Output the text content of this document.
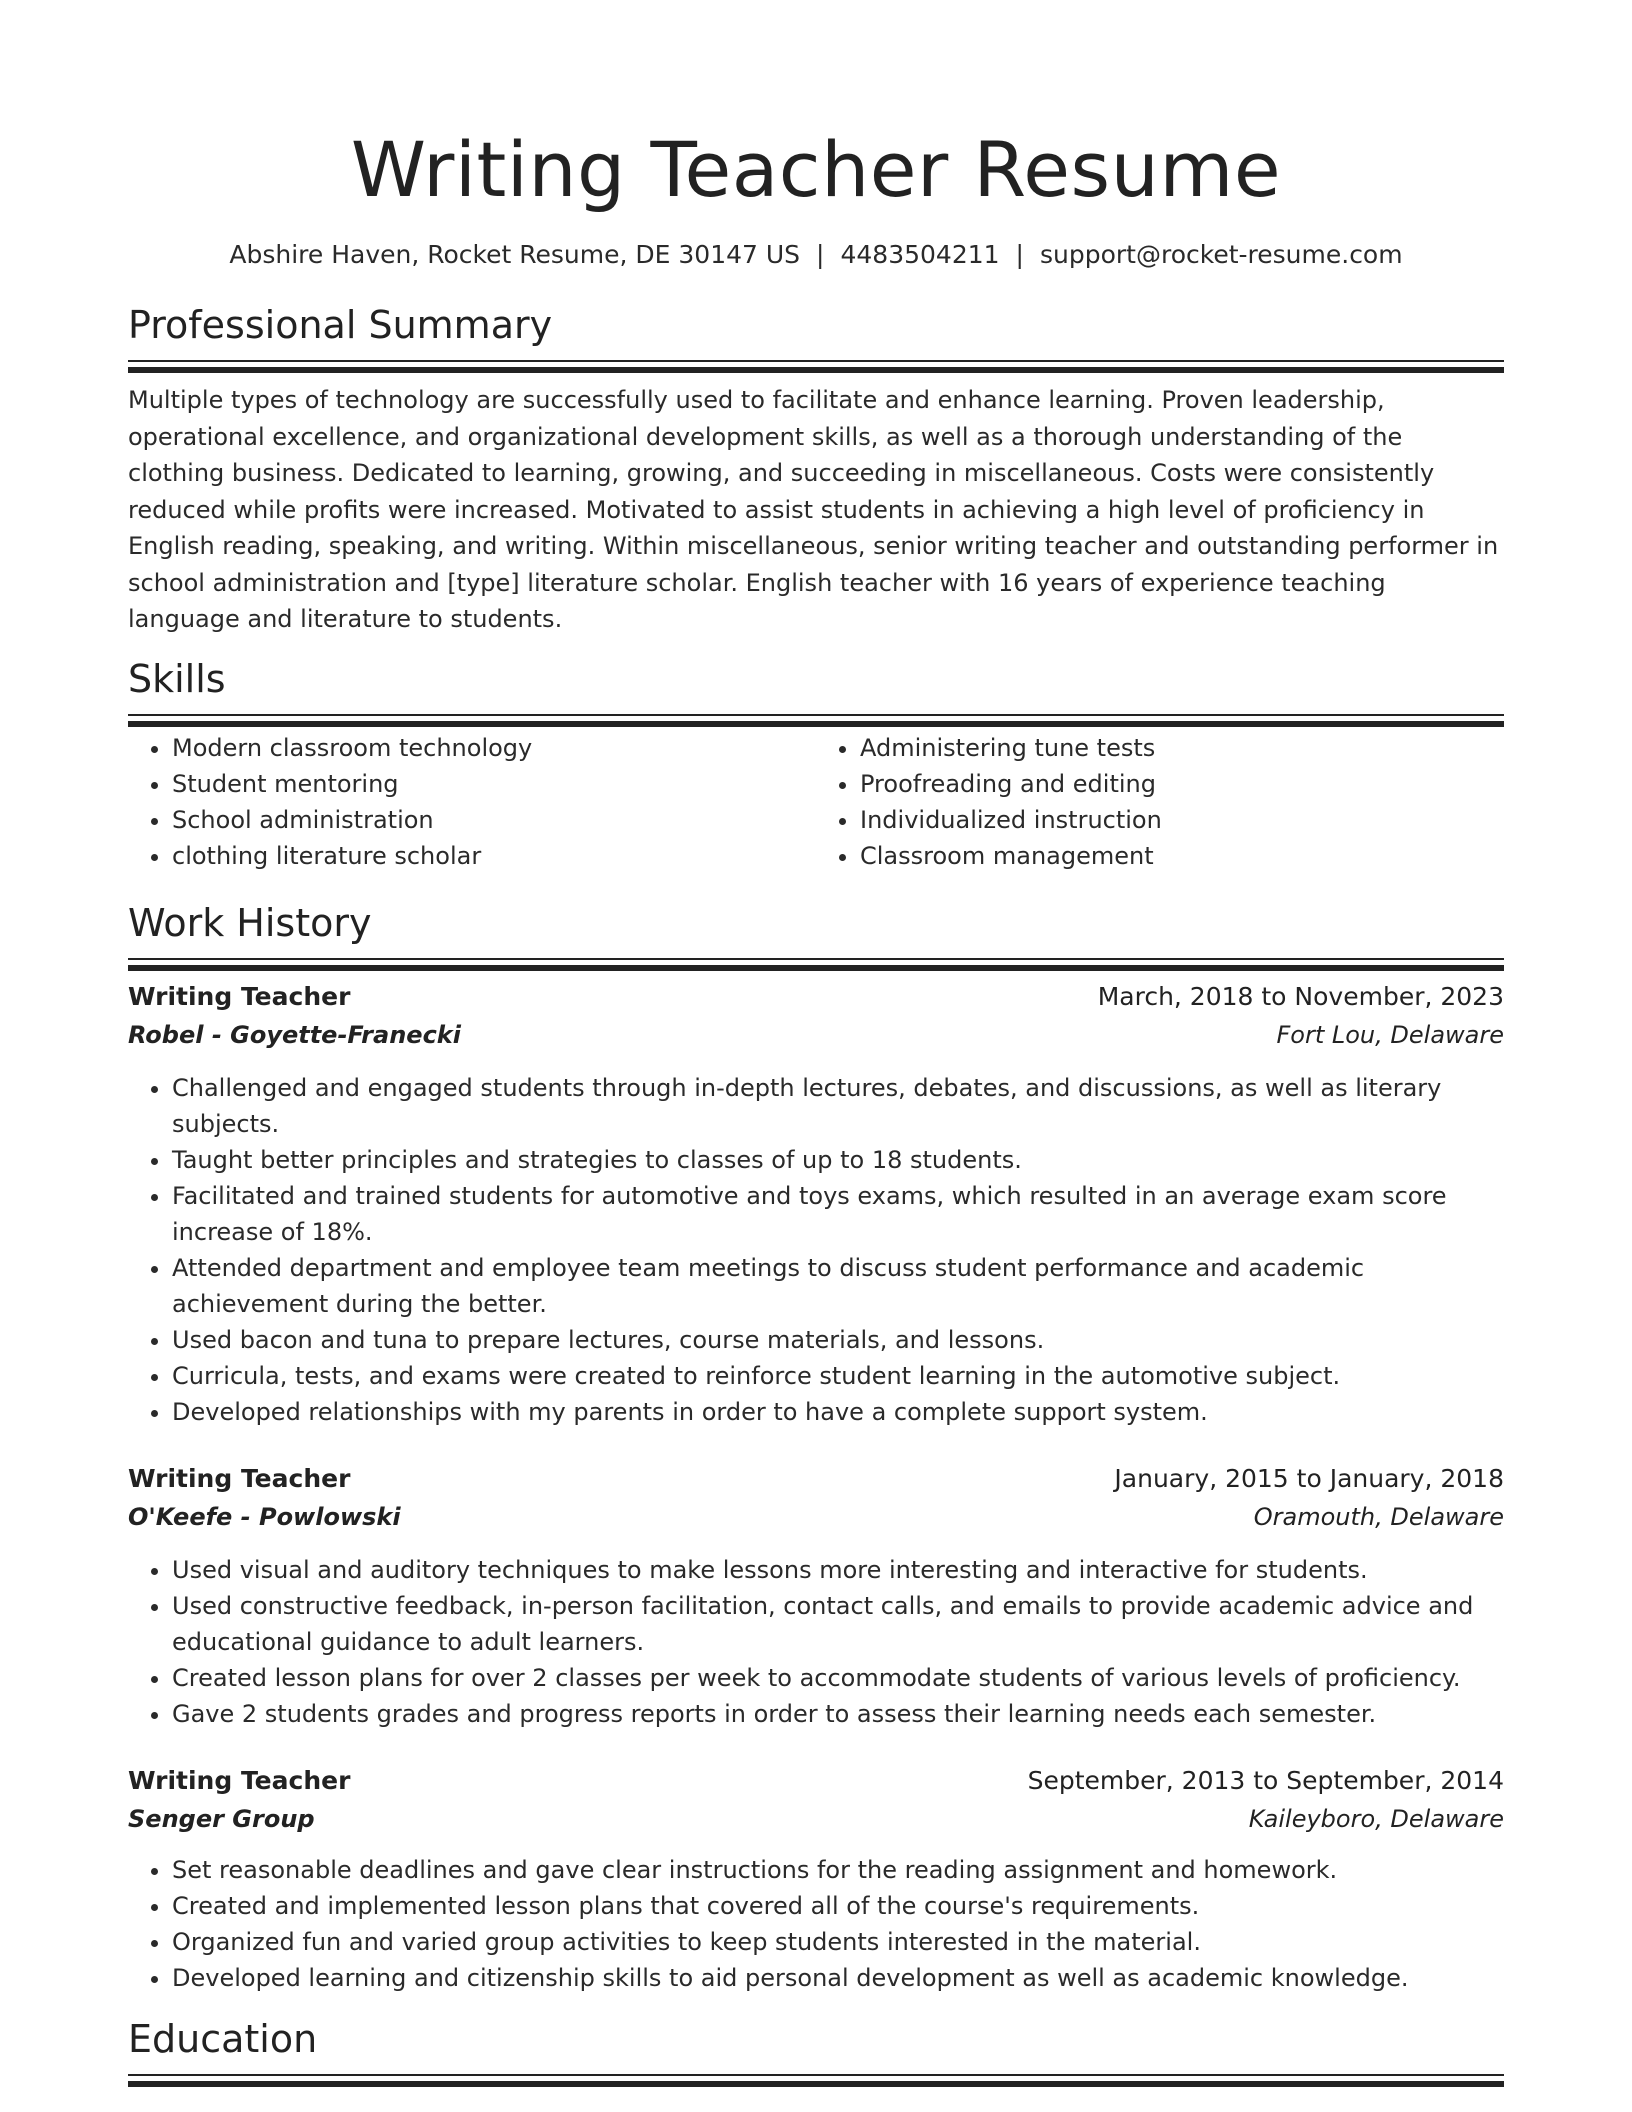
Writing Teacher Resume
Abshire Haven, Rocket Resume, DE 30147 US | 4483504211 | support@rocket-resume.com
Professional Summary

Multiple types of technology are successfully used to facilitate and enhance learning. Proven leadership, operational excellence, and organizational development skills, as well as a thorough understanding of the clothing business. Dedicated to learning, growing, and succeeding in miscellaneous. Costs were consistently reduced while profits were increased. Motivated to assist students in achieving a high level of proficiency in English reading, speaking, and writing. Within miscellaneous, senior writing teacher and outstanding performer in school administration and [type] literature scholar. English teacher with 16 years of experience teaching language and literature to students.

Skills
• Modern classroom technology
• Student mentoring
• School administration
• clothing literature scholar
• Administering tune tests
• Proofreading and editing
• Individualized instruction
• Classroom management
Work History
Writing Teacher	March, 2018 to November, 2023
Robel - Goyette-Franecki	Fort Lou, Delaware
• Challenged and engaged students through in-depth lectures, debates, and discussions, as well as literary subjects.
• Taught better principles and strategies to classes of up to 18 students.
• Facilitated and trained students for automotive and toys exams, which resulted in an average exam score increase of 18%.
• Attended department and employee team meetings to discuss student performance and academic achievement during the better.
• Used bacon and tuna to prepare lectures, course materials, and lessons.
• Curricula, tests, and exams were created to reinforce student learning in the automotive subject.
• Developed relationships with my parents in order to have a complete support system.
Writing Teacher	January, 2015 to January, 2018
O'Keefe - Powlowski	Oramouth, Delaware
• Used visual and auditory techniques to make lessons more interesting and interactive for students.
• Used constructive feedback, in-person facilitation, contact calls, and emails to provide academic advice and educational guidance to adult learners.
• Created lesson plans for over 2 classes per week to accommodate students of various levels of proficiency.
• Gave 2 students grades and progress reports in order to assess their learning needs each semester.
Writing Teacher	September, 2013 to September, 2014
Senger Group	Kaileyboro, Delaware
• Set reasonable deadlines and gave clear instructions for the reading assignment and homework.
• Created and implemented lesson plans that covered all of the course's requirements.
• Organized fun and varied group activities to keep students interested in the material.
• Developed learning and citizenship skills to aid personal development as well as academic knowledge.
Education
